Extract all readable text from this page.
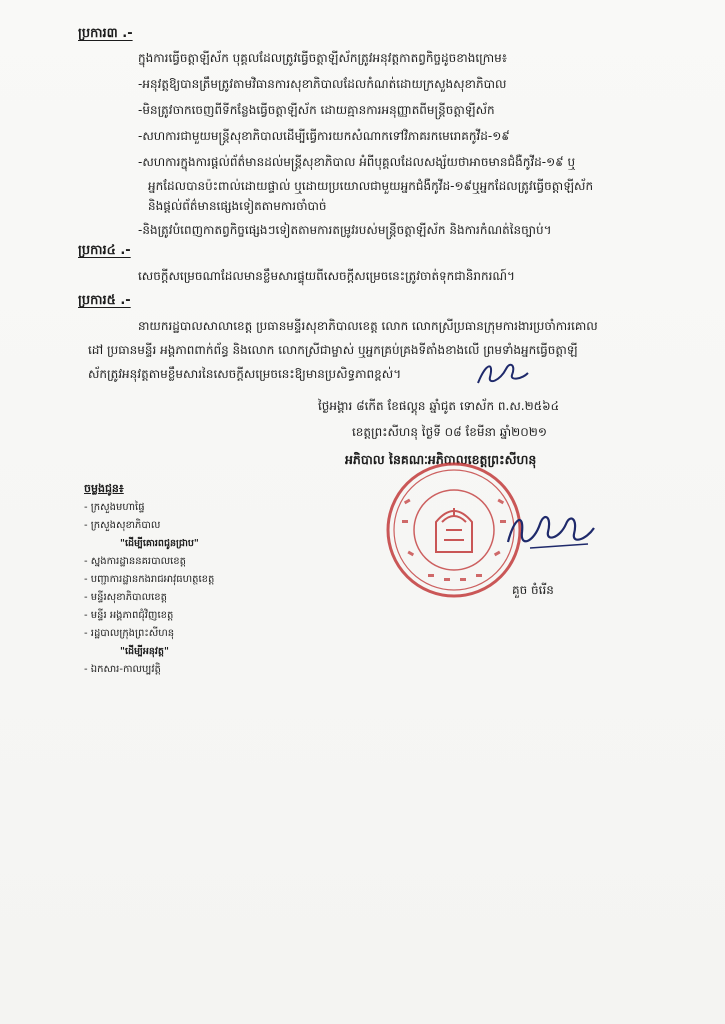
ប្រការ៣ .-
ក្នុងការធ្វើចត្តាឡីស័ក បុគ្គលដែលត្រូវធ្វើចត្តាឡីស័កត្រូវអនុវត្តកាតព្វកិច្ចដូចខាងក្រោម៖
-អនុវត្តឱ្យបានត្រឹមត្រូវតាមវិធានការសុខាភិបាលដែលកំណត់ដោយក្រសួងសុខាភិបាល
-មិនត្រូវចាកចេញពីទីកន្លែងធ្វើចត្តាឡីស័ក ដោយគ្មានការអនុញ្ញាតពីមន្ត្រីចត្តាឡីស័ក
-សហការជាមួយមន្ត្រីសុខាភិបាលដើម្បីធ្វើការយកសំណាកទៅវិភាគរកមេរោគកូវីដ-១៩
-សហការក្នុងការផ្តល់ព័ត៌មានដល់មន្ត្រីសុខាភិបាល អំពីបុគ្គលដែលសង្ស័យថាអាចមានជំងឺកូវីដ-១៩ ឬ
អ្នកដែលបានប៉ះពាល់ដោយផ្ទាល់ ឬដោយប្រយោលជាមួយអ្នកជំងឺកូវីដ-១៩ឬអ្នកដែលត្រូវធ្វើចត្តាឡីស័ក
និងផ្តល់ព័ត៌មានផ្សេងទៀតតាមការចាំបាច់
-និងត្រូវបំពេញកាតព្វកិច្ចផ្សេងៗទៀតតាមការតម្រូវរបស់មន្ត្រីចត្តាឡីស័ក និងការកំណត់នៃច្បាប់។
ប្រការ៤ .-
សេចក្តីសម្រេចណាដែលមានខ្លឹមសារផ្ទុយពីសេចក្តីសម្រេចនេះត្រូវចាត់ទុកជានិរាករណ៍។
ប្រការ៥ .-
នាយករដ្ឋបាលសាលាខេត្ត ប្រធានមន្ទីរសុខាភិបាលខេត្ត លោក លោកស្រីប្រធានក្រុមការងារប្រចាំការគោល
ដៅ ប្រធានមន្ទីរ អង្គភាពពាក់ព័ន្ធ និងលោក លោកស្រីជាម្ចាស់ ឬអ្នកគ្រប់គ្រងទីតាំងខាងលើ ព្រមទាំងអ្នកធ្វើចត្តាឡី
ស័កត្រូវអនុវត្តតាមខ្លឹមសារនៃសេចក្តីសម្រេចនេះឱ្យមានប្រសិទ្ធភាពខ្ពស់។
ថ្ងៃអង្គារ ៨កើត ខែផល្គុន ឆ្នាំជូត ទោស័ក ព.ស.២៥៦៤
ខេត្តព្រះសីហនុ ថ្ងៃទី ០៨ ខែមីនា ឆ្នាំ២០២១
អភិបាល នៃគណៈអភិបាលខេត្តព្រះសីហនុ
គួច ចំរើន
ចម្លងជូន៖
- ក្រសួងមហាផ្ទៃ
- ក្រសួងសុខាភិបាល
"ដើម្បីគោរពជូនជ្រាប"
- ស្នងការដ្ឋាននគរបាលខេត្ត
- បញ្ជាការដ្ឋានកងរាជអាវុធហត្ថខេត្ត
- មន្ទីរសុខាភិបាលខេត្ត
- មន្ទីរ អង្គភាពជុំវិញខេត្ត
- រដ្ឋបាលក្រុងព្រះសីហនុ
"ដើម្បីអនុវត្ត"
- ឯកសារ-កាលប្បវត្តិ
